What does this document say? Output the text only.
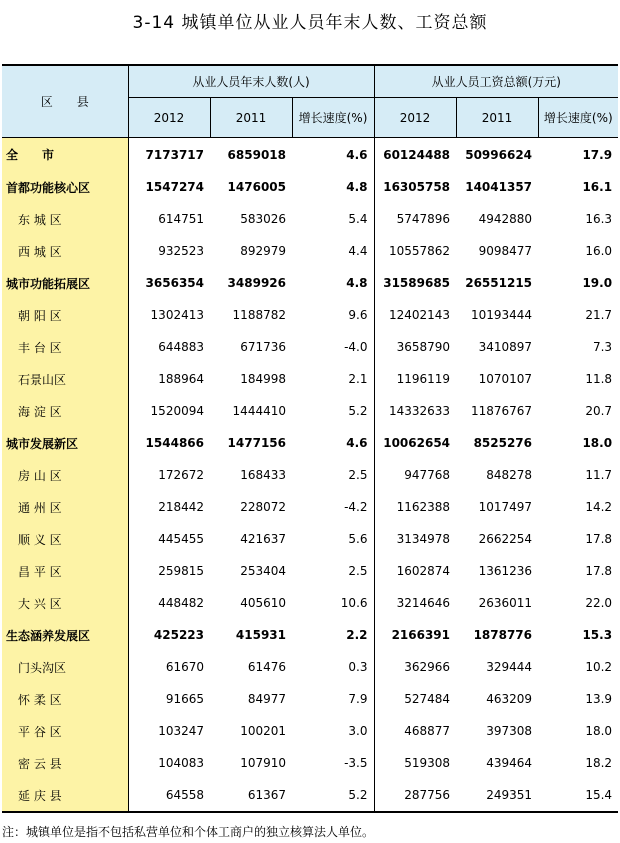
3-14 城镇单位从业人员年末人数、工资总额
区　　县	从业人员年末人数(人)			从业人员工资总额(万元)		
	2012	2011	增长速度(%)	2012	2011	增长速度(%)
全　　市	7173717	6859018	4.6	60124488	50996624	17.9
首都功能核心区	1547274	1476005	4.8	16305758	14041357	16.1
东 城 区	614751	583026	5.4	5747896	4942880	16.3
西 城 区	932523	892979	4.4	10557862	9098477	16.0
城市功能拓展区	3656354	3489926	4.8	31589685	26551215	19.0
朝 阳 区	1302413	1188782	9.6	12402143	10193444	21.7
丰 台 区	644883	671736	-4.0	3658790	3410897	7.3
石景山区	188964	184998	2.1	1196119	1070107	11.8
海 淀 区	1520094	1444410	5.2	14332633	11876767	20.7
城市发展新区	1544866	1477156	4.6	10062654	8525276	18.0
房 山 区	172672	168433	2.5	947768	848278	11.7
通 州 区	218442	228072	-4.2	1162388	1017497	14.2
顺 义 区	445455	421637	5.6	3134978	2662254	17.8
昌 平 区	259815	253404	2.5	1602874	1361236	17.8
大 兴 区	448482	405610	10.6	3214646	2636011	22.0
生态涵养发展区	425223	415931	2.2	2166391	1878776	15.3
门头沟区	61670	61476	0.3	362966	329444	10.2
怀 柔 区	91665	84977	7.9	527484	463209	13.9
平 谷 区	103247	100201	3.0	468877	397308	18.0
密 云 县	104083	107910	-3.5	519308	439464	18.2
延 庆 县	64558	61367	5.2	287756	249351	15.4
注：城镇单位是指不包括私营单位和个体工商户的独立核算法人单位。
